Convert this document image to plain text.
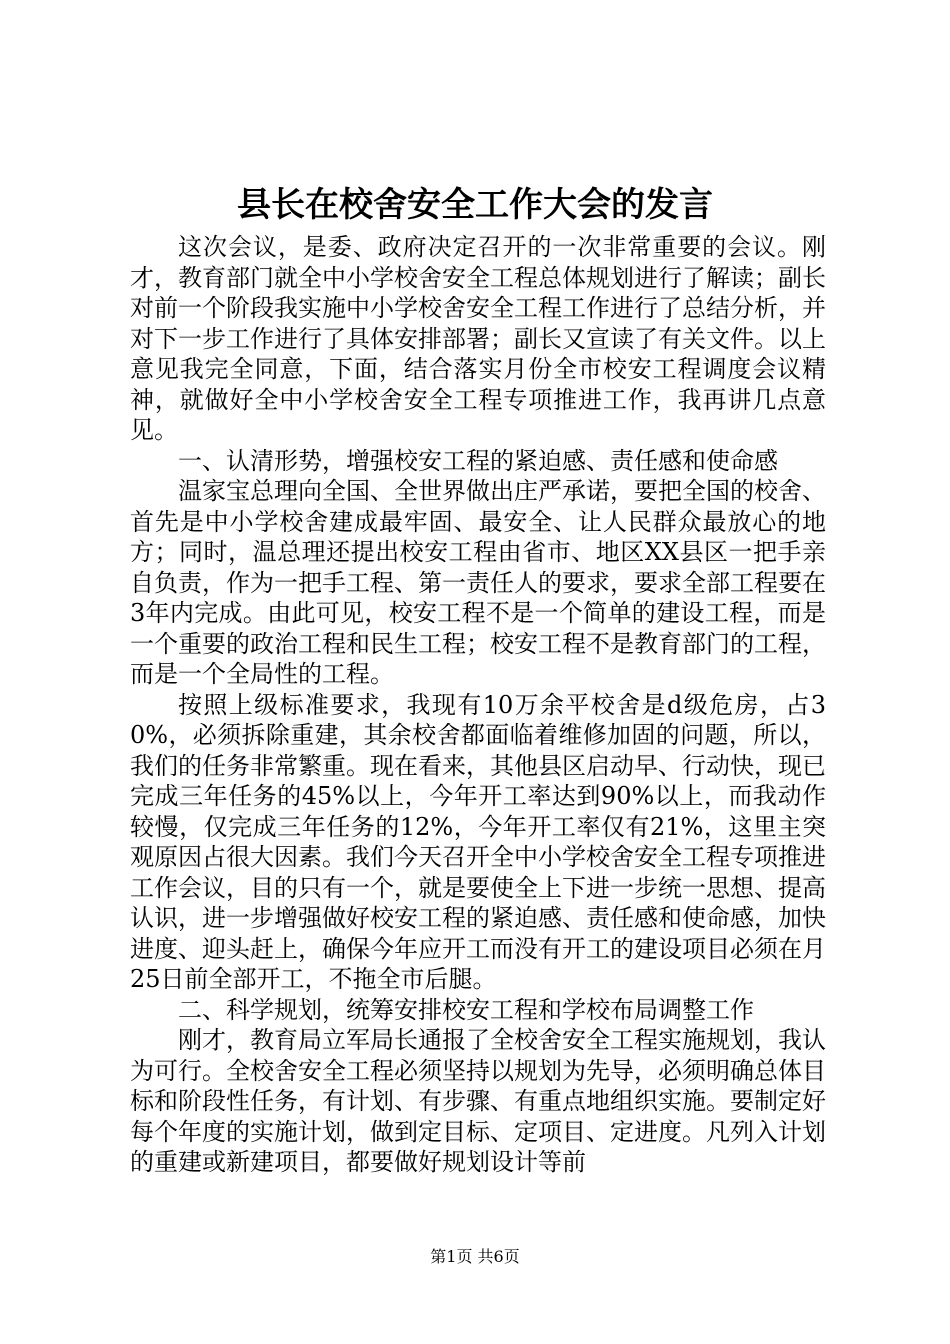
县长在校舍安全工作大会的发言

这次会议，是委、政府决定召开的一次非常重要的会议。刚才，教育部门就全中小学校舍安全工程总体规划进行了解读；副长对前一个阶段我实施中小学校舍安全工程工作进行了总结分析，并对下一步工作进行了具体安排部署；副长又宣读了有关文件。以上意见我完全同意，下面，结合落实月份全市校安工程调度会议精神，就做好全中小学校舍安全工程专项推进工作，我再讲几点意见。

一、认清形势，增强校安工程的紧迫感、责任感和使命感

温家宝总理向全国、全世界做出庄严承诺，要把全国的校舍、首先是中小学校舍建成最牢固、最安全、让人民群众最放心的地方；同时，温总理还提出校安工程由省市、地区XX县区一把手亲自负责，作为一把手工程、第一责任人的要求，要求全部工程要在3年内完成。由此可见，校安工程不是一个简单的建设工程，而是一个重要的政治工程和民生工程；校安工程不是教育部门的工程，而是一个全局性的工程。

按照上级标准要求，我现有10万余平校舍是d级危房，占30%，必须拆除重建，其余校舍都面临着维修加固的问题，所以，我们的任务非常繁重。现在看来，其他县区启动早、行动快，现已完成三年任务的45%以上，今年开工率达到90%以上，而我动作较慢，仅完成三年任务的12%，今年开工率仅有21%，这里主突观原因占很大因素。我们今天召开全中小学校舍安全工程专项推进工作会议，目的只有一个，就是要使全上下进一步统一思想、提高认识，进一步增强做好校安工程的紧迫感、责任感和使命感，加快进度、迎头赶上，确保今年应开工而没有开工的建设项目必须在月25日前全部开工，不拖全市后腿。

二、科学规划，统筹安排校安工程和学校布局调整工作

刚才，教育局立军局长通报了全校舍安全工程实施规划，我认为可行。全校舍安全工程必须坚持以规划为先导，必须明确总体目标和阶段性任务，有计划、有步骤、有重点地组织实施。要制定好每个年度的实施计划，做到定目标、定项目、定进度。凡列入计划的重建或新建项目，都要做好规划设计等前

第1页 共6页
